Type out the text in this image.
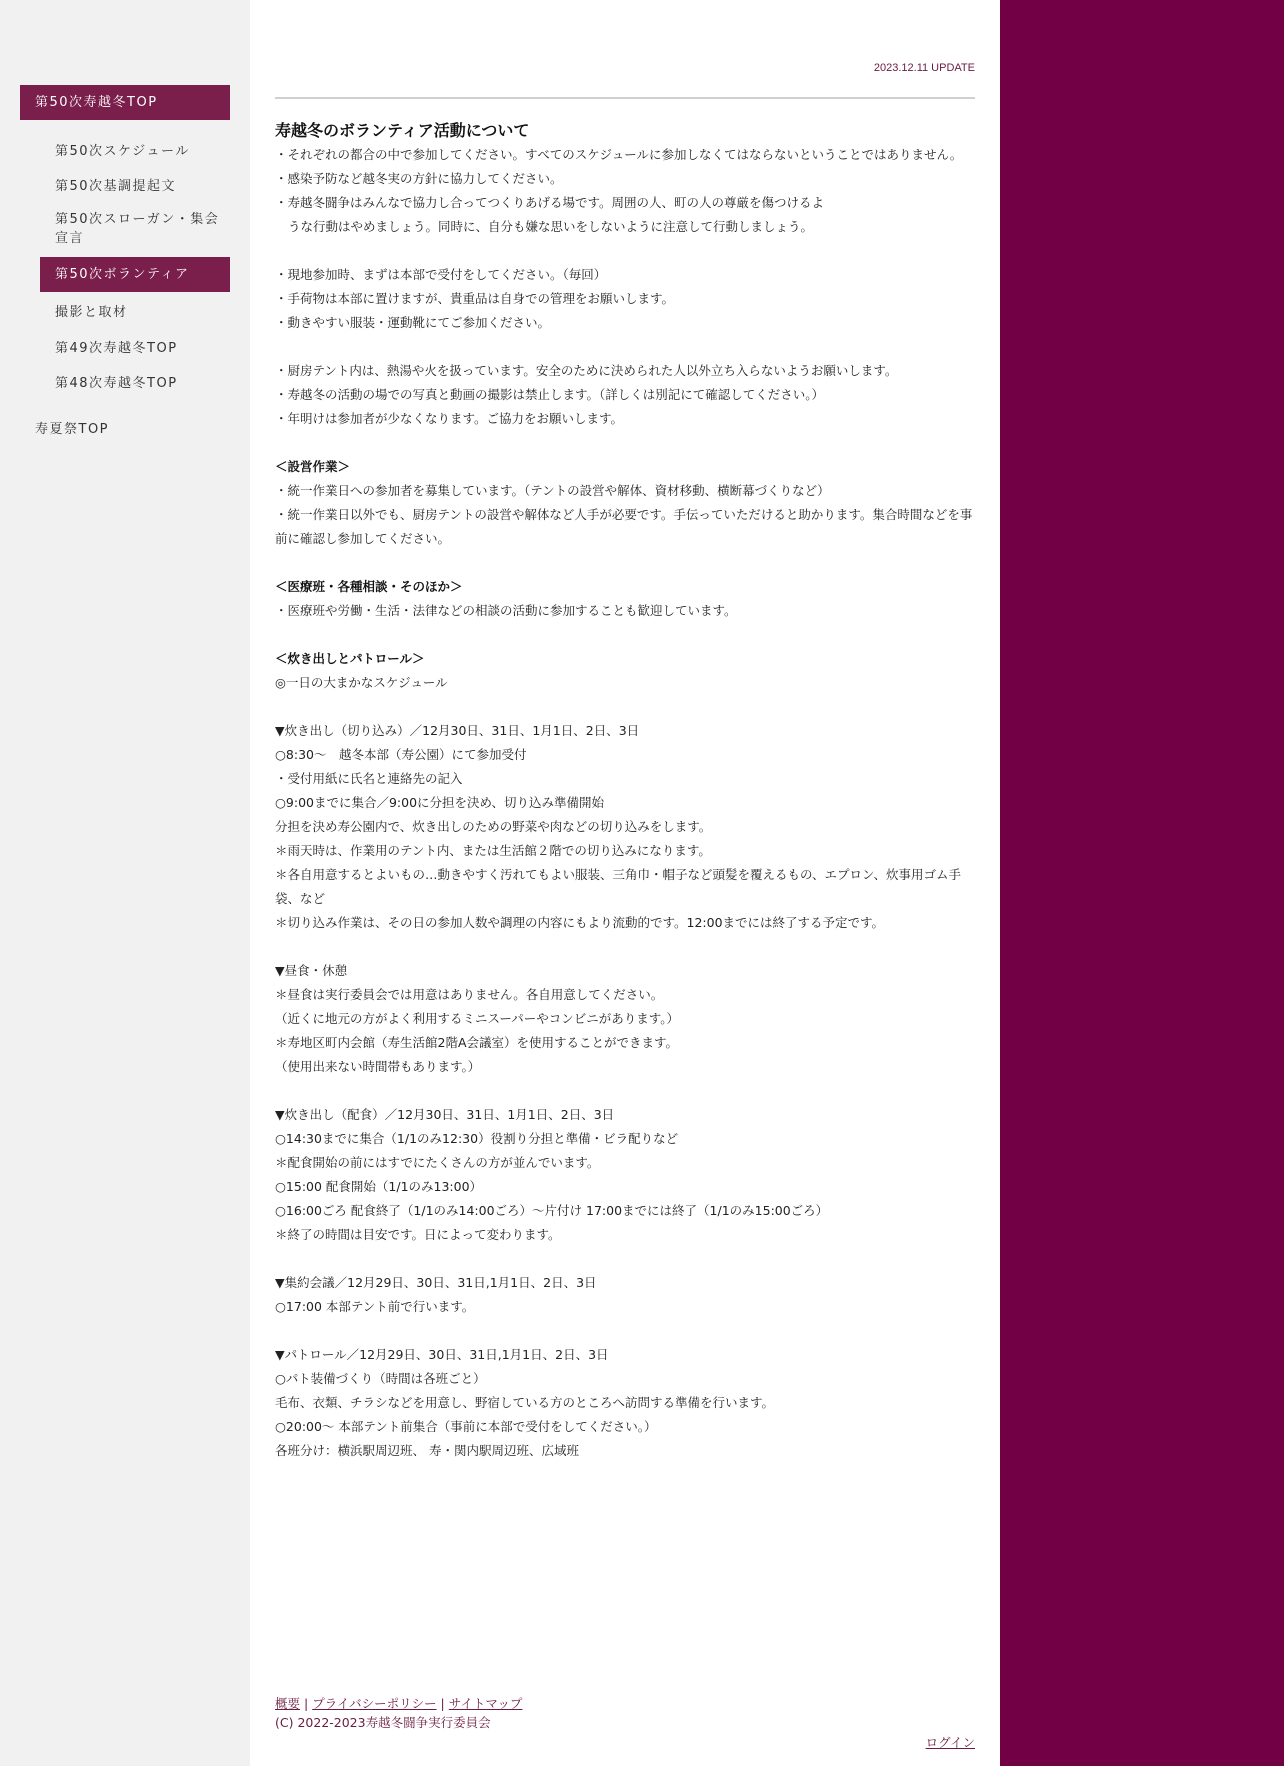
第50次寿越冬TOP
第50次スケジュール
第50次基調提起文
第50次スローガン・集会宣言
第50次ボランティア
撮影と取材
第49次寿越冬TOP
第48次寿越冬TOP
寿夏祭TOP
2023.12.11 UPDATE
寿越冬のボランティア活動について
・それぞれの都合の中で参加してください。すべてのスケジュールに参加しなくてはならないということではありません。
・感染予防など越冬実の方針に協力してください。
・寿越冬闘争はみんなで協力し合ってつくりあげる場です。周囲の人、町の人の尊厳を傷つけるよ
うな行動はやめましょう。同時に、自分も嫌な思いをしないように注意して行動しましょう。
・現地参加時、まずは本部で受付をしてください。（毎回）
・手荷物は本部に置けますが、貴重品は自身での管理をお願いします。
・動きやすい服装・運動靴にてご参加ください。
・厨房テント内は、熱湯や火を扱っています。安全のために決められた人以外立ち入らないようお願いします。
・寿越冬の活動の場での写真と動画の撮影は禁止します。（詳しくは別記にて確認してください。）
・年明けは参加者が少なくなります。ご協力をお願いします。
＜設営作業＞
・統一作業日への参加者を募集しています。（テントの設営や解体、資材移動、横断幕づくりなど）
・統一作業日以外でも、厨房テントの設営や解体など人手が必要です。手伝っていただけると助かります。集合時間などを事前に確認し参加してください。
＜医療班・各種相談・そのほか＞
・医療班や労働・生活・法律などの相談の活動に参加することも歓迎しています。
＜炊き出しとパトロール＞
◎一日の大まかなスケジュール
▼炊き出し（切り込み）／12月30日、31日、1月1日、2日、3日
○8:30～　越冬本部（寿公園）にて参加受付
・受付用紙に氏名と連絡先の記入
○9:00までに集合／9:00に分担を決め、切り込み準備開始
分担を決め寿公園内で、炊き出しのための野菜や肉などの切り込みをします。
＊雨天時は、作業用のテント内、または生活館２階での切り込みになります。
＊各自用意するとよいもの…動きやすく汚れてもよい服装、三角巾・帽子など頭髪を覆えるもの、エプロン、炊事用ゴム手袋、など
＊切り込み作業は、その日の参加人数や調理の内容にもより流動的です。12:00までには終了する予定です。
▼昼食・休憩
＊昼食は実行委員会では用意はありません。各自用意してください。
（近くに地元の方がよく利用するミニスーパーやコンビニがあります。）
＊寿地区町内会館（寿生活館2階A会議室）を使用することができます。
（使用出来ない時間帯もあります。）
▼炊き出し（配食）／12月30日、31日、1月1日、2日、3日
○14:30までに集合（1/1のみ12:30）役割り分担と準備・ビラ配りなど
＊配食開始の前にはすでにたくさんの方が並んでいます。
○15:00 配食開始（1/1のみ13:00）
○16:00ごろ 配食終了（1/1のみ14:00ごろ）～片付け 17:00までには終了（1/1のみ15:00ごろ）
＊終了の時間は目安です。日によって変わります。
▼集約会議／12月29日、30日、31日,1月1日、2日、3日
○17:00 本部テント前で行います。
▼パトロール／12月29日、30日、31日,1月1日、2日、3日
○パト装備づくり（時間は各班ごと）
毛布、衣類、チラシなどを用意し、野宿している方のところへ訪問する準備を行います。
○20:00～ 本部テント前集合（事前に本部で受付をしてください。）
各班分け：横浜駅周辺班、 寿・関内駅周辺班、広域班
概要 | プライバシーポリシー | サイトマップ
(C) 2022-2023寿越冬闘争実行委員会
ログイン
